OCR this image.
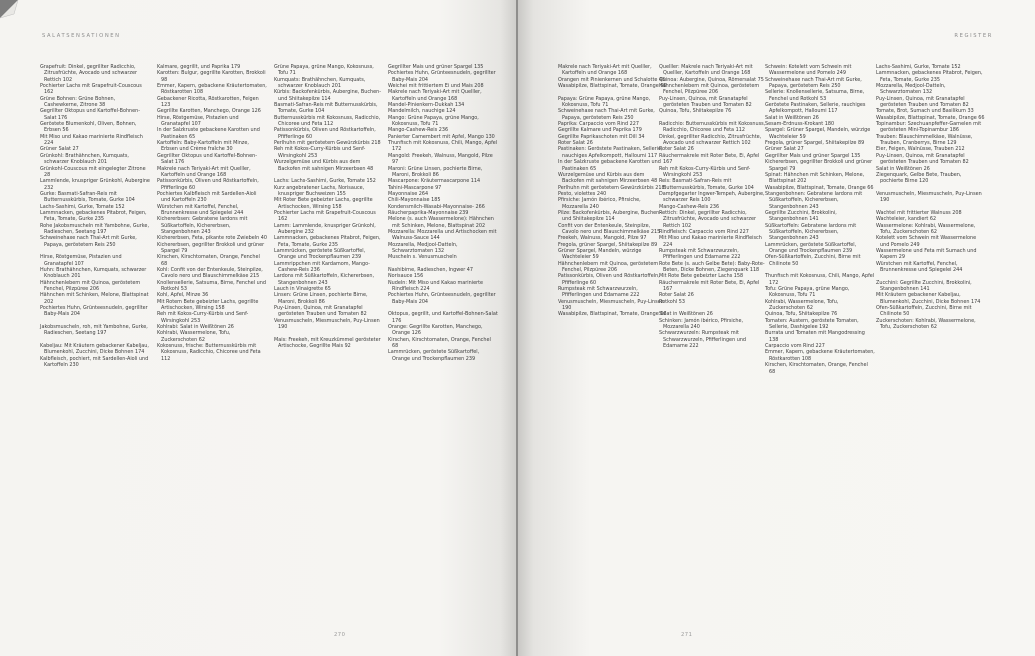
SALATSENSATIONEN
Grapefruit: Dinkel, gegrillter Radicchio, Zitrusfrüchte, Avocado und schwarzer Rettich 102
Pochierter Lachs mit Grapefruit-Couscous 162
Grüne Bohnen: Grüne Bohnen, Cashewkerne, Zitrone 38
Gegrillter Oktopus und Kartoffel-Bohnen-Salat 176
Geröstete Blumenkohl, Oliven, Bohnen, Erbsen 56
Mit Miso und Kakao marinierte Rindfleisch 224
Grüner Salat 27
Grünkohl: Brathähnchen, Kumquats, schwarzer Knoblauch 201
Grünkohl-Couscous mit eingelegter Zitrone 28
Lammlende, knuspriger Grünkohl, Aubergine 232
Gurke: Basmati-Safran-Reis mit Butternusskürbis, Tomate, Gurke 104
Lachs-Sashimi, Gurke, Tomate 152
Lammnacken, gebackenes Pitabrot, Feigen, Feta, Tomate, Gurke 235
Rohe Jakobsmuscheln mit Yambohne, Gurke, Radieschen, Seetang 197
Schweinehaxe nach Thai-Art mit Gurke, Papaya, geröstetem Reis 250
Hirse, Röstgemüse, Pistazien und Granatapfel 107
Huhn: Brathähnchen, Kumquats, schwarzer Knoblauch 201
Hähnchenlebern mit Quinoa, geröstetem Fenchel, Pilzpüree 206
Hähnchen mit Schinken, Melone, Blattspinat 202
Pochiertes Huhn, Grünteesnudeln, gegrillter Baby-Mais 204
Jakobsmuscheln, roh, mit Yambohne, Gurke, Radieschen, Seetang 197
Kabeljau: Mit Kräutern gebackener Kabeljau, Blumenkohl, Zucchini, Dicke Bohnen 174
Kalbfleisch, pochiert, mit Sardellen-Aioli und Kartoffeln 230
Kalmare, gegrillt, und Paprika 179
Karotten: Bulgur, gegrillte Karotten, Brokkoli 98
Emmer, Kapern, gebackene Kräutertomaten, Röstkarotten 108
Gebackener Ricotta, Röstkarotten, Feigen 123
Gegrillte Karotten, Manchego, Orange 126
Hirse, Röstgemüse, Pistazien und Granatapfel 107
In der Salzkruste gebackene Karotten und Pastinaken 65
Kartoffeln: Baby-Kartoffeln mit Minze, Erbsen und Crème fraîche 30
Gegrillter Oktopus und Kartoffel-Bohnen-Salat 176
Makrele nach Teriyaki-Art mit Quelller, Kartoffeln und Orange 168
Patissonkürbis, Oliven und Röstkartoffeln, Pfifferlinge 60
Pochiertes Kalbfleisch mit Sardellen-Aioli und Kartoffeln 230
Würstchen mit Kartoffel, Fenchel, Brunnenkresse und Spiegelei 244
Kichererbsen: Gebratene Iardons mit Süßkartoffeln, Kichererbsen, Stangenbohnen 243
Kichererbsen, Feta, pikante rote Zwiebeln 40
Kichererbsen, gegrillter Brokkoli und grüner Spargel 79
Kirschen, Kirschtomaten, Orange, Fenchel 68
Kohl: Confit von der Entenkeule, Steinpilze, Cavolo nero und Blauschimmelkäse 215
Knollensellerie, Satsuma, Birne, Fenchel und Rotkohl 53
Kohl, Apfel, Minze 36
Mit Rotem Bete gebeizter Lachs, gegrillte Artischocken, Wirsing 158
Reh mit Kokos-Curry-Kürbis und Senf-Wirsingkohl 253
Kohlrabi: Salat in Weißtönen 26
Kohlrabi, Wassermelone, Tofu, Zuckerschoten 62
Kokosnuss, frische: Butternusskürbis mit Kokosnuss, Radicchio, Chicoree und Feta 112
Grüne Papaya, grüne Mango, Kokosnuss, Tofu 71
Kumquats: Brathähnchen, Kumquats, schwarzer Knoblauch 201
Kürbis: Backofenkürbis, Aubergine, Buchen- und Shiitakepilze 114
Basmati-Safran-Reis mit Butternusskürbis, Tomate, Gurke 104
Butternusskürbis mit Kokosnuss, Radicchio, Chicoree und Feta 112
Patissonkürbis, Oliven und Röstkartoffeln, Pfifferlinge 60
Perlhuhn mit geröstetem Gewürzkürbis 218
Reh mit Kokos-Curry-Kürbis und Senf-Wirsingkohl 253
Wurzelgemüse und Kürbis aus dem Backofen mit sahnigen Mirzeerbsen 48
Lachs: Lachs-Sashimi, Gurke, Tomate 152
Kurz angebratener Lachs, Norisauce, knuspriger Buchweizen 155
Mit Roter Bete gebeizter Lachs, gegrillte Artischocken, Wirsing 158
Pochierter Lachs mit Grapefruit-Couscous 162
Lamm: Lammlende, knuspriger Grünkohl, Aubergine 232
Lammnacken, gebackenes Pitabrot, Feigen, Feta, Tomate, Gurke 235
Lammrücken, geröstete Süßkartoffel, Orange und Trockenpflaumen 239
Lammrippchen mit Kardamom, Mango-Cashew-Reis 236
Lardons mit Süßkartoffeln, Kichererbsen, Stangenbohnen 243
Lauch in Vinaigrette 65
Linsen: Grüne Linsen, pochierte Birne, Maroni, Brokkoli 86
Puy-Linsen, Quinoa, mit Granatapfel gerösteten Trauben und Tomaten 82
Venusmuscheln, Miesmuscheln, Puy-Linsen 190
Mais: Freekeh, mit Kreuzkümmel gerösteter Artischocke, Gegrillte Mais 92
Gegrillter Mais und grüner Spargel 135
Pochiertes Huhn, Grünteesnudeln, gegrillter Baby-Mais 204
Weichei mit frittiertem Ei und Mais 208
Makrele nach Teriyaki-Art mit Quelller, Kartoffeln und Orange 168
Mandel-Pinienkern-Dukkah 134
Mandelmilch, nauchige 124
Mango: Grüne Papaya, grüne Mango, Kokosnuss, Tofu 71
Mango-Cashew-Reis 236
Panierter Camembert mit Apfel, Mango 130
Thunfisch mit Kokosnuss, Chili, Mango, Apfel 172
Mangold: Freekeh, Walnuss, Mangold, Pilze 97
Maroni: Grüne Linsen, pochierte Birne, Maroni, Brokkoli 86
Mascarpone: Kräutermascarpone 114
Tahini-Mascarpone 97
Mayonnaise 264
Chili-Mayonnaise 185
Kondensmilch-Wasabi-Mayonnaise- 266
Räucherpaprika-Mayonnaise 239
Melone (s. auch Wassermelone): Hähnchen mit Schinken, Melone, Blattspinat 202
Mozzarella: Mozzarella und Artischocken mit Walnuss-Sauce 144
Mozzarella, Medjool-Datteln, Schwarztomaten 132
Muscheln s. Venusmuscheln
Nashibirne, Radieschen, Ingwer 47
Norisauce 156
Nudeln: Mit Miso und Kakao marinierte Rindfleisch 224
Pochiertes Huhn, Grünteesnudeln, gegrillter Baby-Mais 204
Oktopus, gegrillt, und Kartoffel-Bohnen-Salat 176
Orange: Gegrillte Karotten, Manchego, Orange 126
Kirschen, Kirschtomaten, Orange, Fenchel 68
Lammrücken, geröstete Süßkartoffel, Orange und Trockenpflaumen 239
270
REGISTER
Makrele nach Teriyaki-Art mit Quelller, Kartoffeln und Orange 168
Orangen mit Pinienkernen und Schalotte 43
Wasabipilze, Blattspinat, Tomate, Orange 66
Papaya: Grüne Papaya, grüne Mango, Kokosnuss, Tofu 71
Schweinehaxe nach Thai-Art mit Gurke, Papaya, geröstetem Reis 250
Paprika: Carpaccio vom Rind 227
Gegrillte Kalmare und Paprika 179
Gegrillte Paprikaschoten mit Dill 34
Roter Salat 26
Pastinaken: Geröstete Pastinaken, Sellerie, nauchiges Apfelkompott, Halloumi 117
In der Salzkruste gebackene Karotten und Pastinaken 65
Wurzelgemüse und Kürbis aus dem Backofen mit sahnigen Mirzeerbsen 48
Perlhuhn mit geröstetem Gewürzkürbis 218
Pesto, violettes 240
Pfirsiche: Jamón ibérico, Pfirsiche, Mozzarella 240
Pilze: Backofenkürbis, Aubergine, Buchen- und Shiitakepilze 114
Confit von der Entenkeule, Steinpilze, Cavolo nero und Blauschimmelkäse 215
Freekeh, Walnuss, Mangold, Pilze 97
Fregola, grüner Spargel, Shiitakepilze 89
Grüner Spargel, Mandeln, würzige Wachteleier 59
Hähnchenlebern mit Quinoa, geröstetem Fenchel, Pilzpüree 206
Patissonkürbis, Oliven und Röstkartoffeln, Pfifferlinge 60
Rumpsteak mit Schwarzwurzeln, Pfifferlingen und Edamame 222
Venusmuscheln, Miesmuscheln, Puy-Linsen 190
Wasabipilze, Blattspinat, Tomate, Orange 66
Quelller: Makrele nach Teriyaki-Art mit Quelller, Kartoffeln und Orange 168
Quinoa: Aubergine, Quinoa, Römersalat 75
Hähnchenlebern mit Quinoa, geröstetem Fenchel, Pilzpüree 206
Puy-Linsen, Quinoa, mit Granatapfel gerösteten Trauben und Tomaten 82
Quinoa, Tofu, Shiitakepilze 76
Radicchio: Butternusskürbis mit Kokosnuss, Radicchio, Chicoree und Feta 112
Dinkel, gegrillter Radicchio, Zitrusfrüchte, Avocado und schwarzer Rettich 102
Roter Salat 26
Räuchermakrele mit Roter Bete, Ei, Apfel 167
Reh mit Kokos-Curry-Kürbis und Senf-Wirsingkohl 253
Reis: Basmati-Safran-Reis mit Butternusskürbis, Tomate, Gurke 104
Dampfgegarter Ingwer-Tempeh, Aubergine, schwarzer Reis 100
Mango-Cashew-Reis 236
Rettich: Dinkel, gegrillter Radicchio, Zitrusfrüchte, Avocado und schwarzer Rettich 102
Rindfleisch: Carpaccio vom Rind 227
Mit Miso und Kakao marinierte Rindfleisch 224
Rumpsteak mit Schwarzwurzeln, Pfifferlingen und Edamame 222
Rote Bete (s. auch Gelbe Bete): Baby-Rote-Beten, Dicke Bohnen, Ziegenquark 118
Mit Rote Bete gebeizter Lachs 158
Räuchermakrele mit Roter Bete, Ei, Apfel 167
Roter Salat 26
Rotkohl 53
Salat in Weißtönen 26
Schinken: Jamón ibérico, Pfirsiche, Mozzarella 240
Schwarzwurzeln: Rumpsteak mit Schwarzwurzeln, Pfifferlingen und Edamame 222
Schwein: Kotelett vom Schwein mit Wassermelone und Pomelo 249
Schweinehaxe nach Thai-Art mit Gurke, Papaya, geröstetem Reis 250
Sellerie: Knollensellerie, Satsuma, Birne, Fenchel und Rotkohl 53
Geröstete Pastinaken, Sellerie, rauchiges Apfelkompott, Halloumi 117
Salat in Weißtönen 26
Sesam-Erdnuss-Krokant 180
Spargel: Grüner Spargel, Mandeln, würzige Wachteleier 59
Fregola, grüner Spargel, Shiitakepilze 89
Grüner Salat 27
Gegrillter Mais und grüner Spargel 135
Kichererbsen, gegrillter Brokkoli und grüner Spargel 79
Spinat: Hähnchen mit Schinken, Melone, Blattspinat 202
Wasabipilze, Blattspinat, Tomate, Orange 66
Stangenbohnen: Gebratene Iardons mit Süßkartoffeln, Kichererbsen, Stangenbohnen 243
Gegrillte Zucchini, Brokkolini, Stangenbohnen 141
Süßkartoffeln: Gebratene Iardons mit Süßkartoffeln, Kichererbsen, Stangenbohnen 243
Lammrücken, geröstete Süßkartoffel, Orange und Trockenpflaumen 239
Ofen-Süßkartoffeln, Zucchini, Birne mit Chilinote 50
Thunfisch mit Kokosnuss, Chili, Mango, Apfel 172
Tofu: Grüne Papaya, grüne Mango, Kokosnuss, Tofu 71
Kohlrabi, Wassermelone, Tofu, Zuckerschoten 62
Quinoa, Tofu, Shiitakepilze 76
Tomaten: Austern, geröstete Tomaten, Sellerie, Dashigelee 192
Burrata und Tomaten mit Mangodressing 138
Carpaccio vom Rind 227
Emmer, Kapern, gebackene Kräutertomaten, Röstkarotten 108
Kirschen, Kirschtomaten, Orange, Fenchel 68
Lachs-Sashimi, Gurke, Tomate 152
Lammnacken, gebackenes Pitabrot, Feigen, Feta, Tomate, Gurke 235
Mozzarella, Medjool-Datteln, Schwarztomaten 132
Puy-Linsen, Quinoa, mit Granatapfel gerösteten Trauben und Tomaten 82
Tomate, Brot, Sumach und Basilikum 33
Wasabipilze, Blattspinat, Tomate, Orange 66
Topinambur: Szechuanpfeffer-Garnelen mit gerösteten Mini-Topinambur 186
Trauben: Blauschimmelkäse, Walnüsse, Trauben, Cranberrys, Birne 129
Eier, Feigen, Walnüsse, Trauben 212
Puy-Linsen, Quinoa, mit Granatapfel gerösteten Trauben und Tomaten 82
Salat in Weißtönen 26
Ziegenquark, Gelbe Bete, Trauben, pochierte Birne 120
Venusmuscheln, Miesmuscheln, Puy-Linsen 190
Wachtel mit frittierter Walnuss 208
Wachteleier, kandiert 62
Wassermelone: Kohlrabi, Wassermelone, Tofu, Zuckerschoten 62
Kotelett vom Schwein mit Wassermelone und Pomelo 249
Wassermelone und Feta mit Sumach und Kapern 29
Würstchen mit Kartoffel, Fenchel, Brunnenkresse und Spiegelei 244
Zucchini: Gegrillte Zucchini, Brokkolini, Stangenbohnen 141
Mit Kräutern gebackener Kabeljau, Blumenkohl, Zucchini, Dicke Bohnen 174
Ofen-Süßkartoffeln, Zucchini, Birne mit Chilinote 50
Zuckerschoten: Kohlrabi, Wassermelone, Tofu, Zuckerschoten 62
271
